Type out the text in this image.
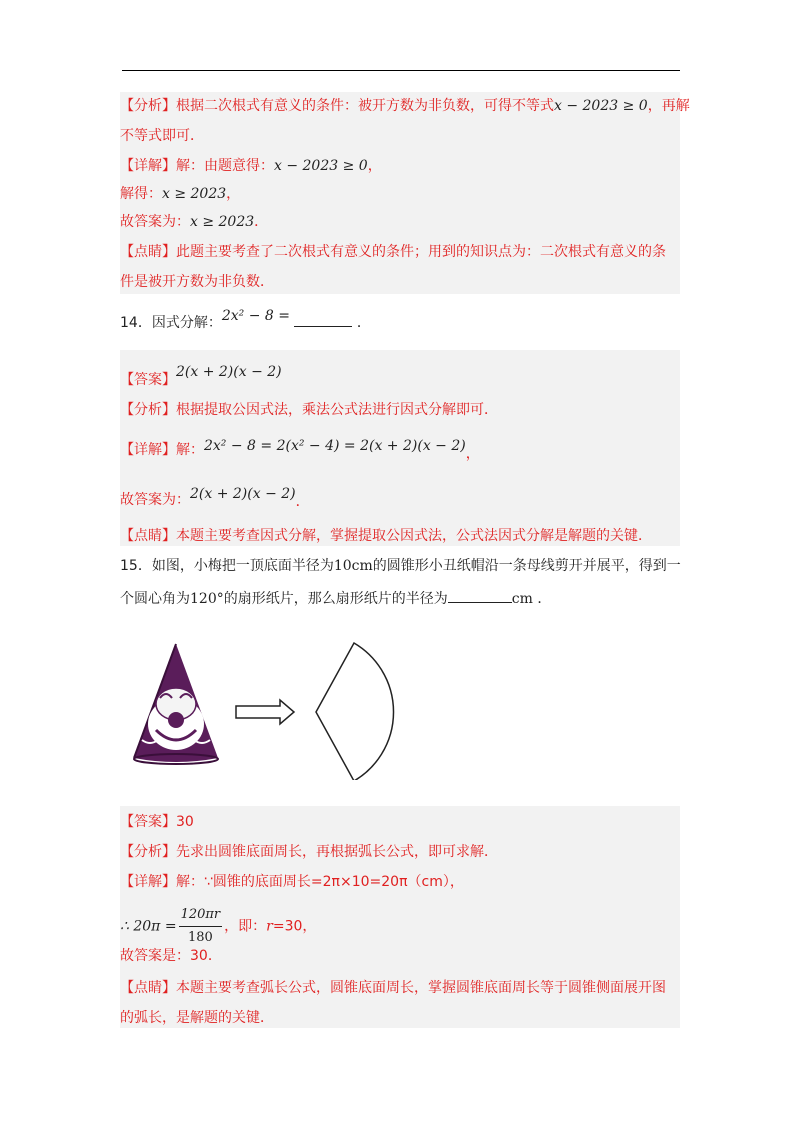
【分析】根据二次根式有意义的条件：被开方数为非负数，可得不等式x − 2023 ≥ 0，再解
不等式即可．
【详解】解：由题意得：x − 2023 ≥ 0，
解得：x ≥ 2023，
故答案为：x ≥ 2023．
【点睛】此题主要考查了二次根式有意义的条件；用到的知识点为：二次根式有意义的条
件是被开方数为非负数．
14．因式分解：2x² − 8 =	．
【答案】2(x + 2)(x − 2)
【分析】根据提取公因式法，乘法公式法进行因式分解即可．
【详解】解：2x² − 8 = 2(x² − 4) = 2(x + 2)(x − 2)，
故答案为：2(x + 2)(x − 2)．
【点睛】本题主要考查因式分解，掌握提取公因式法，公式法因式分解是解题的关键．
15．如图，小梅把一顶底面半径为10cm的圆锥形小丑纸帽沿一条母线剪开并展平，得到一
个圆心角为120°的扇形纸片，那么扇形纸片的半径为	cm ．
【答案】30
【分析】先求出圆锥底面周长，再根据弧长公式，即可求解．
【详解】解：∵圆锥的底面周长=2π×10=20π（cm），
∴ $20\pi = \frac{120\pi r}{180}$ ，即：r=30，
故答案是：30．
【点睛】本题主要考查弧长公式，圆锥底面周长，掌握圆锥底面周长等于圆锥侧面展开图
的弧长，是解题的关键．
